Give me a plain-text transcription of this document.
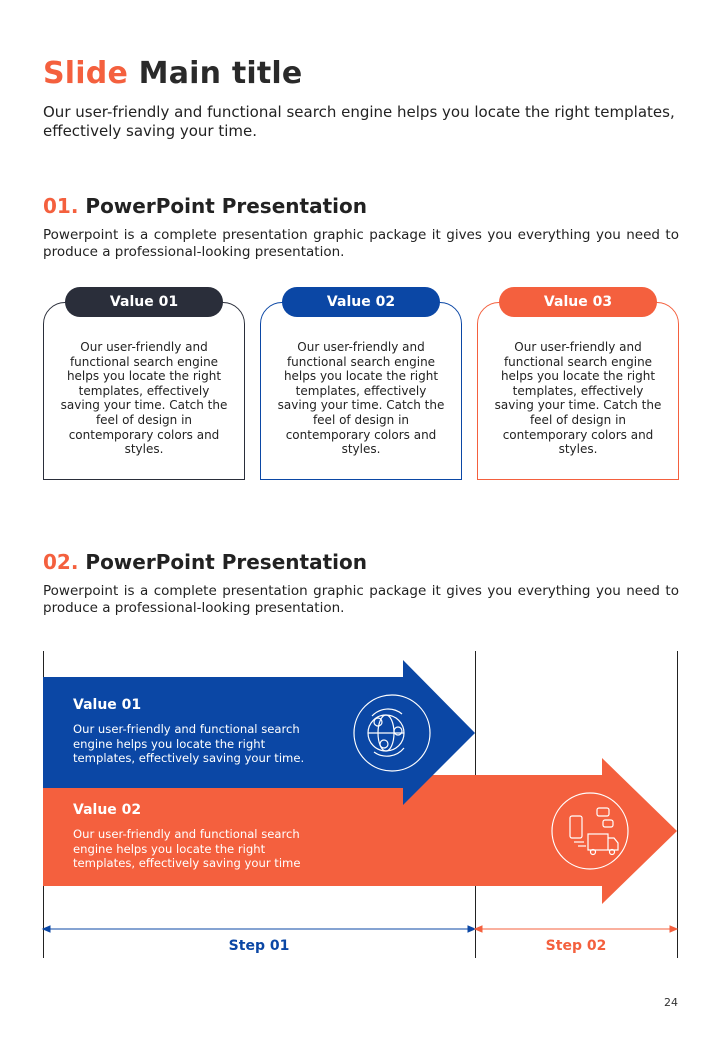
Slide Main title
Our user-friendly and functional search engine helps you locate the right templates, effectively saving your time.
01. PowerPoint Presentation
Powerpoint is a complete presentation graphic package it gives you everything you need to produce a professional-looking presentation.
Value 01
Our user-friendly and functional search engine helps you locate the right templates, effectively saving your time. Catch the feel of design in contemporary colors and styles.
Value 02
Our user-friendly and functional search engine helps you locate the right templates, effectively saving your time. Catch the feel of design in contemporary colors and styles.
Value 03
Our user-friendly and functional search engine helps you locate the right templates, effectively saving your time. Catch the feel of design in contemporary colors and styles.
02. PowerPoint Presentation
Powerpoint is a complete presentation graphic package it gives you everything you need to produce a professional-looking presentation.
Value 01
Our user-friendly and functional search engine helps you locate the right templates, effectively saving your time.
Value 02
Our user-friendly and functional search engine helps you locate the right templates, effectively saving your time
Step 01	Step 02
24
